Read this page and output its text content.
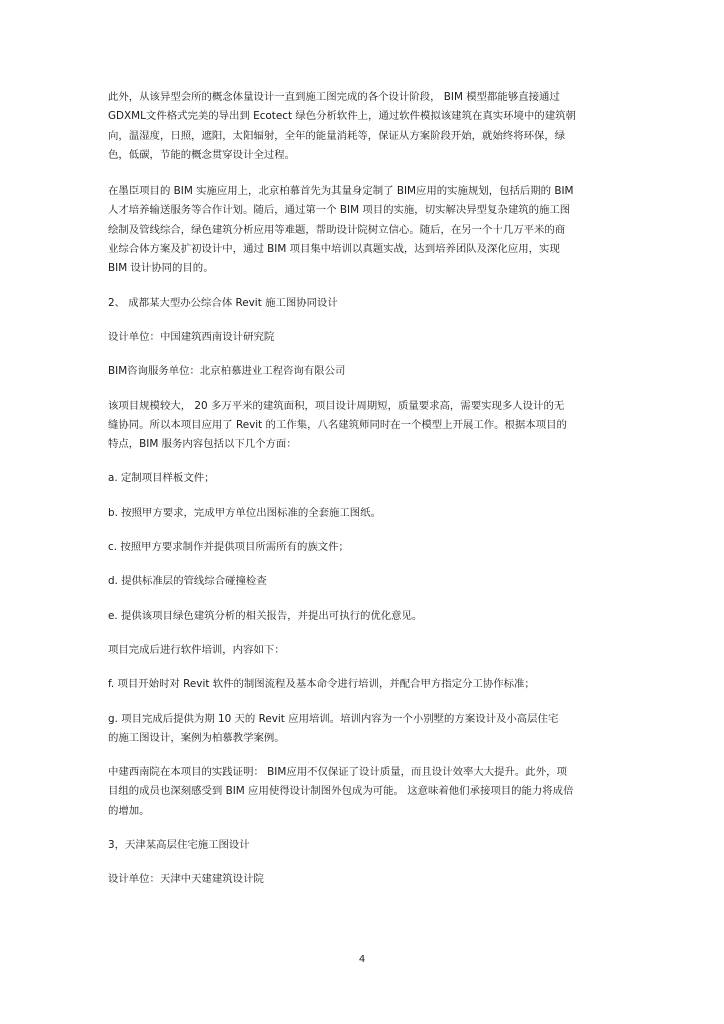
此外，从该异型会所的概念体量设计一直到施工图完成的各个设计阶段， BIM 模型都能够直接通过
GDXML文件格式完美的导出到 Ecotect 绿色分析软件上，通过软件模拟该建筑在真实环境中的建筑朝
向，温湿度，日照，遮阳，太阳辐射，全年的能量消耗等，保证从方案阶段开始，就始终将环保，绿
色，低碳，节能的概念贯穿设计全过程。

在墨臣项目的 BIM 实施应用上，北京柏慕首先为其量身定制了 BIM应用的实施规划，包括后期的 BIM
人才培养输送服务等合作计划。随后，通过第一个 BIM 项目的实施，切实解决异型复杂建筑的施工图
绘制及管线综合，绿色建筑分析应用等难题，帮助设计院树立信心。随后，在另一个十几万平米的商
业综合体方案及扩初设计中，通过 BIM 项目集中培训以真题实战，达到培养团队及深化应用，实现
BIM 设计协同的目的。

2、 成都某大型办公综合体 Revit 施工图协同设计

设计单位：中国建筑西南设计研究院

BIM咨询服务单位：北京柏慕进业工程咨询有限公司

该项目规模较大， 20 多万平米的建筑面积，项目设计周期短，质量要求高，需要实现多人设计的无
缝协同。所以本项目应用了 Revit 的工作集，八名建筑师同时在一个模型上开展工作。根据本项目的
特点，BIM 服务内容包括以下几个方面：

a. 定制项目样板文件；

b. 按照甲方要求，完成甲方单位出图标准的全套施工图纸。

c. 按照甲方要求制作并提供项目所需所有的族文件；

d. 提供标准层的管线综合碰撞检查

e. 提供该项目绿色建筑分析的相关报告，并提出可执行的优化意见。

项目完成后进行软件培训，内容如下：

f. 项目开始时对 Revit 软件的制图流程及基本命令进行培训，并配合甲方指定分工协作标准；

g. 项目完成后提供为期 10 天的 Revit 应用培训。培训内容为一个小别墅的方案设计及小高层住宅
的施工图设计，案例为柏慕教学案例。

中建西南院在本项目的实践证明： BIM应用不仅保证了设计质量，而且设计效率大大提升。此外，项
目组的成员也深刻感受到 BIM 应用使得设计制图外包成为可能。 这意味着他们承接项目的能力将成倍
的增加。

3，天津某高层住宅施工图设计

设计单位：天津中天建建筑设计院

4
